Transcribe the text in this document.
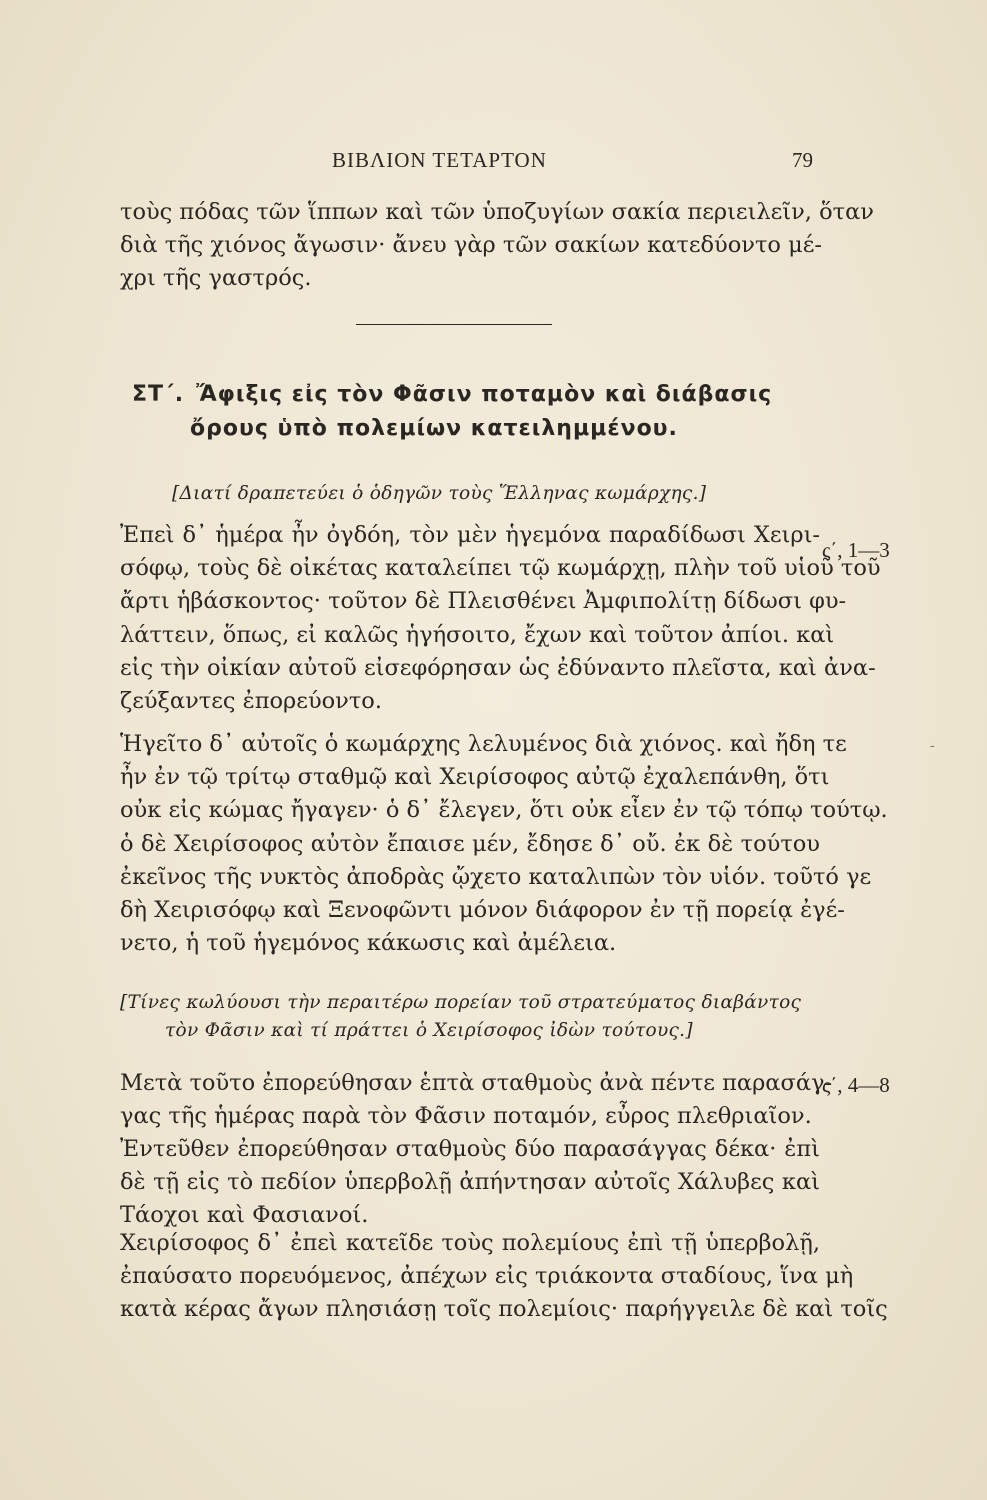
ΒΙΒΛΙΟΝ ΤΕΤΑΡΤΟΝ	79
τοὺς πόδας τῶν ἵππων καὶ τῶν ὑποζυγίων σακία περιειλεῖν, ὅταν
διὰ τῆς χιόνος ἄγωσιν· ἄνευ γὰρ τῶν σακίων κατεδύοντο μέ-
χρι τῆς γαστρός.
ΣΤ΄. Ἄφιξις εἰς τὸν Φᾶσιν ποταμὸν καὶ διάβασις
ὄρους ὑπὸ πολεμίων κατειλημμένου.
[Διατί δραπετεύει ὁ ὁδηγῶν τοὺς Ἕλληνας κωμάρχης.]
Ἐπεὶ δ᾿ ἡμέρα ἦν ὀγδόη, τὸν μὲν ἡγεμόνα παραδίδωσι Χειρι-
σόφῳ, τοὺς δὲ οἰκέτας καταλείπει τῷ κωμάρχῃ, πλὴν τοῦ υἱοῦ τοῦ
ἄρτι ἡβάσκοντος· τοῦτον δὲ Πλεισθένει Ἀμφιπολίτῃ δίδωσι φυ-
λάττειν, ὅπως, εἰ καλῶς ἡγήσοιτο, ἔχων καὶ τοῦτον ἀπίοι. καὶ
εἰς τὴν οἰκίαν αὐτοῦ εἰσεφόρησαν ὡς ἐδύναντο πλεῖστα, καὶ ἀνα-
ζεύξαντες ἐπορεύοντο.
ς΄, 1—3
Ἡγεῖτο δ᾿ αὐτοῖς ὁ κωμάρχης λελυμένος διὰ χιόνος. καὶ ἤδη τε
ἦν ἐν τῷ τρίτῳ σταθμῷ καὶ Χειρίσοφος αὐτῷ ἐχαλεπάνθη, ὅτι
οὐκ εἰς κώμας ἤγαγεν· ὁ δ᾿ ἔλεγεν, ὅτι οὐκ εἶεν ἐν τῷ τόπῳ τούτῳ.
ὁ δὲ Χειρίσοφος αὐτὸν ἔπαισε μέν, ἔδησε δ᾿ οὔ. ἐκ δὲ τούτου
ἐκεῖνος τῆς νυκτὸς ἀποδρὰς ᾤχετο καταλιπὼν τὸν υἱόν. τοῦτό γε
δὴ Χειρισόφῳ καὶ Ξενοφῶντι μόνον διάφορον ἐν τῇ πορείᾳ ἐγέ-
νετο, ἡ τοῦ ἡγεμόνος κάκωσις καὶ ἀμέλεια.
[Τίνες κωλύουσι τὴν περαιτέρω πορείαν τοῦ στρατεύματος διαβάντος
τὸν Φᾶσιν καὶ τί πράττει ὁ Χειρίσοφος ἰδὼν τούτους.]
Μετὰ τοῦτο ἐπορεύθησαν ἑπτὰ σταθμοὺς ἀνὰ πέντε παρασάγ-
γας τῆς ἡμέρας παρὰ τὸν Φᾶσιν ποταμόν, εὖρος πλεθριαῖον.
ς΄, 4—8
Ἐντεῦθεν ἐπορεύθησαν σταθμοὺς δύο παρασάγγας δέκα· ἐπὶ
δὲ τῇ εἰς τὸ πεδίον ὑπερβολῇ ἀπήντησαν αὐτοῖς Χάλυβες καὶ
Τάοχοι καὶ Φασιανοί.
Χειρίσοφος δ᾿ ἐπεὶ κατεῖδε τοὺς πολεμίους ἐπὶ τῇ ὑπερβολῇ,
ἐπαύσατο πορευόμενος, ἀπέχων εἰς τριάκοντα σταδίους, ἵνα μὴ
κατὰ κέρας ἄγων πλησιάσῃ τοῖς πολεμίοις· παρήγγειλε δὲ καὶ τοῖς
-
